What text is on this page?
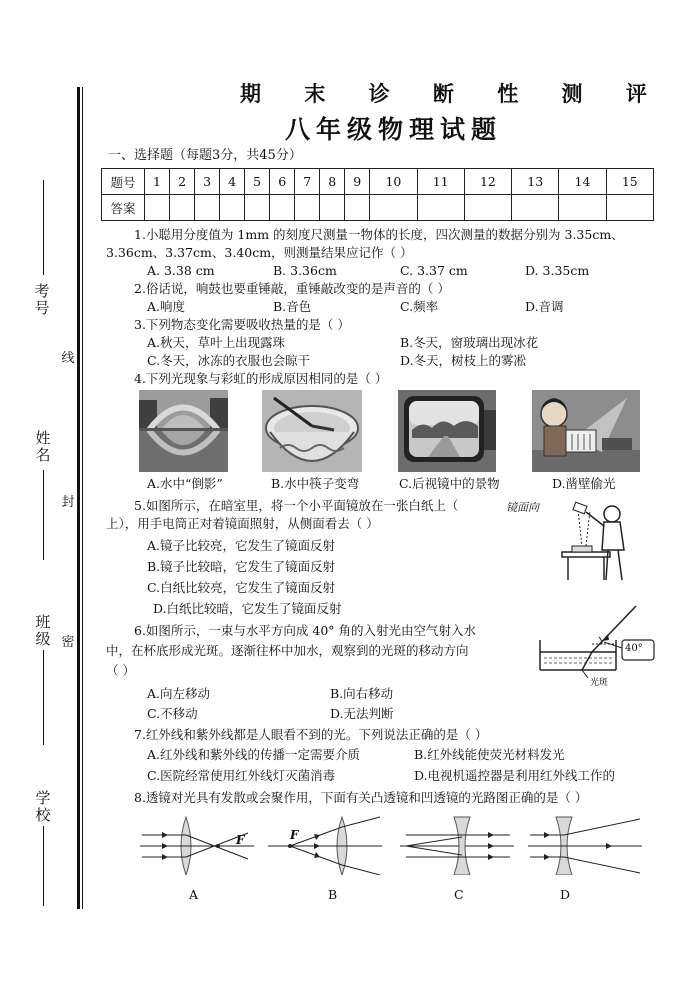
考号
线
姓名
封
班级 密
学校
期 末 诊 断 性 测 评
八年级物理试题
一、选择题（每题3分，共45分）
题号	1	2	3	4	5	6	7	8	9	10	11	12	13	14	15
答案															
1.小聪用分度值为 1mm 的刻度尺测量一物体的长度，四次测量的数据分别为 3.35cm、
3.36cm、3.37cm、3.40cm，则测量结果应记作（ ）
A. 3.38 cm	B. 3.36cm	C. 3.37 cm	D. 3.35cm
2.俗话说，响鼓也要重锤敲，重锤敲改变的是声音的（ ）
A.响度	B.音色	C.频率	D.音调
3.下列物态变化需要吸收热量的是（ ）
A.秋天，草叶上出现露珠	B.冬天，窗玻璃出现冰花
C.冬天，冰冻的衣服也会晾干	D.冬天，树枝上的雾凇
4.下列光现象与彩虹的形成原因相同的是（ ）
A.水中“倒影”	B.水中筷子变弯	C.后视镜中的景物	D.凿壁偷光
5.如图所示，在暗室里，将一个小平面镜放在一张白纸上（	镜面向
上），用手电筒正对着镜面照射，从侧面看去（ ）
A.镜子比较亮，它发生了镜面反射
B.镜子比较暗，它发生了镜面反射
C.白纸比较亮，它发生了镜面反射
D.白纸比较暗，它发生了镜面反射
6.如图所示，一束与水平方向成 40° 角的入射光由空气射入水
中，在杯底形成光斑。逐渐往杯中加水，观察到的光斑的移动方向
（ ）
A.向左移动	B.向右移动
C.不移动	D.无法判断
40°
光斑
7.红外线和紫外线都是人眼看不到的光。下列说法正确的是（ ）
A.红外线和紫外线的传播一定需要介质	B.红外线能使荧光材料发光
C.医院经常使用红外线灯灭菌消毒	D.电视机遥控器是利用红外线工作的
8.透镜对光具有发散或会聚作用，下面有关凸透镜和凹透镜的光路图正确的是（ ）
F
A
F
B	C	D
